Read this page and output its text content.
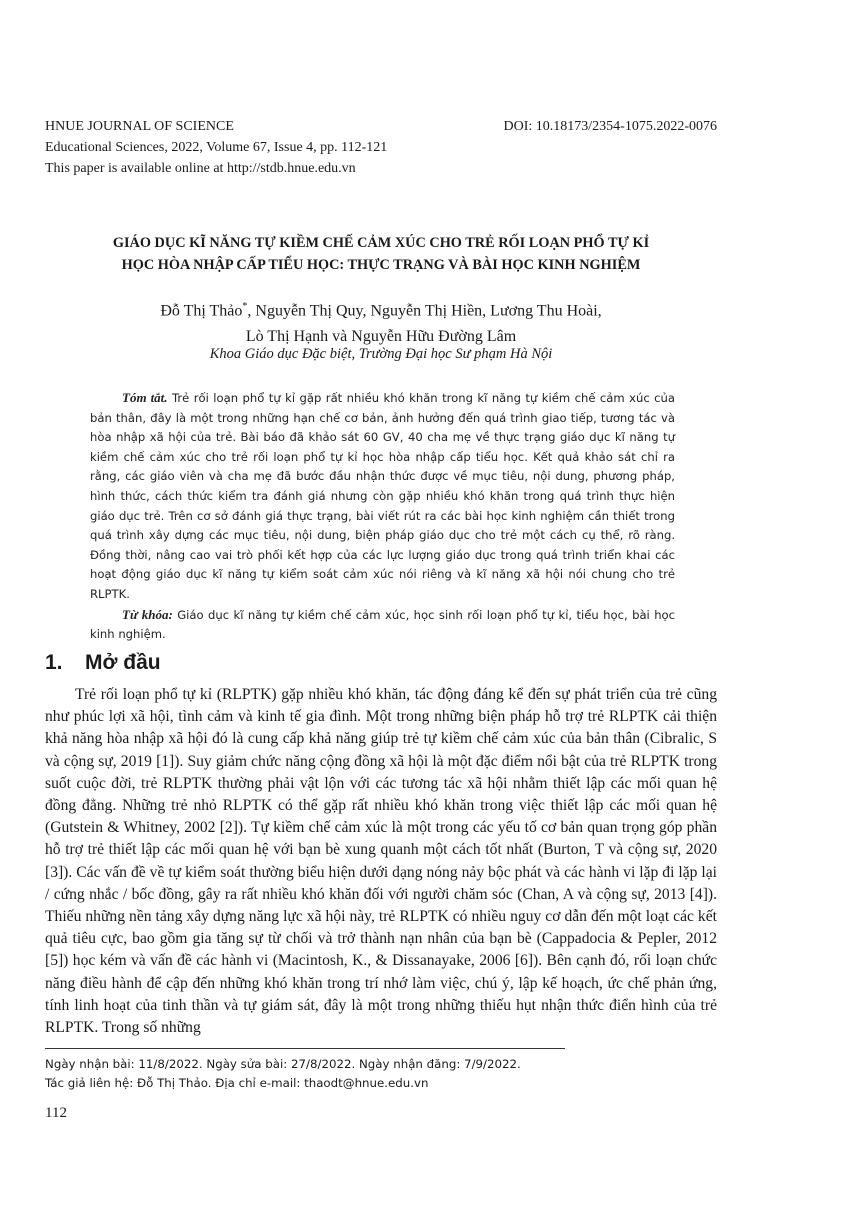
HNUE JOURNAL OF SCIENCE	DOI: 10.18173/2354-1075.2022-0076
Educational Sciences, 2022, Volume 67, Issue 4, pp. 112-121
This paper is available online at http://stdb.hnue.edu.vn
GIÁO DỤC KĨ NĂNG TỰ KIỀM CHẾ CẢM XÚC CHO TRẺ RỐI LOẠN PHỔ TỰ KỈ
HỌC HÒA NHẬP CẤP TIỂU HỌC: THỰC TRẠNG VÀ BÀI HỌC KINH NGHIỆM
Đỗ Thị Thảo*, Nguyễn Thị Quy, Nguyễn Thị Hiền, Lương Thu Hoài,
Lò Thị Hạnh và Nguyễn Hữu Đường Lâm
Khoa Giáo dục Đặc biệt, Trường Đại học Sư phạm Hà Nội

Tóm tắt. Trẻ rối loạn phổ tự kỉ gặp rất nhiều khó khăn trong kĩ năng tự kiềm chế cảm xúc của bản thân, đây là một trong những hạn chế cơ bản, ảnh hưởng đến quá trình giao tiếp, tương tác và hòa nhập xã hội của trẻ. Bài báo đã khảo sát 60 GV, 40 cha mẹ về thực trạng giáo dục kĩ năng tự kiềm chế cảm xúc cho trẻ rối loạn phổ tự kỉ học hòa nhập cấp tiểu học. Kết quả khảo sát chỉ ra rằng, các giáo viên và cha mẹ đã bước đầu nhận thức được về mục tiêu, nội dung, phương pháp, hình thức, cách thức kiểm tra đánh giá nhưng còn gặp nhiều khó khăn trong quá trình thực hiện giáo dục trẻ. Trên cơ sở đánh giá thực trạng, bài viết rút ra các bài học kinh nghiệm cần thiết trong quá trình xây dựng các mục tiêu, nội dung, biện pháp giáo dục cho trẻ một cách cụ thể, rõ ràng. Đồng thời, nâng cao vai trò phối kết hợp của các lực lượng giáo dục trong quá trình triển khai các hoạt động giáo dục kĩ năng tự kiểm soát cảm xúc nói riêng và kĩ năng xã hội nói chung cho trẻ RLPTK.

Từ khóa: Giáo dục kĩ năng tự kiềm chế cảm xúc, học sinh rối loạn phổ tự kỉ, tiểu học, bài học kinh nghiệm.

1. Mở đầu

Trẻ rối loạn phổ tự kỉ (RLPTK) gặp nhiều khó khăn, tác động đáng kể đến sự phát triển của trẻ cũng như phúc lợi xã hội, tình cảm và kinh tế gia đình. Một trong những biện pháp hỗ trợ trẻ RLPTK cải thiện khả năng hòa nhập xã hội đó là cung cấp khả năng giúp trẻ tự kiềm chế cảm xúc của bản thân (Cibralic, S và cộng sự, 2019 [1]). Suy giảm chức năng cộng đồng xã hội là một đặc điểm nổi bật của trẻ RLPTK trong suốt cuộc đời, trẻ RLPTK thường phải vật lộn với các tương tác xã hội nhằm thiết lập các mối quan hệ đồng đẳng. Những trẻ nhỏ RLPTK có thể gặp rất nhiều khó khăn trong việc thiết lập các mối quan hệ (Gutstein & Whitney, 2002 [2]). Tự kiềm chế cảm xúc là một trong các yếu tố cơ bản quan trọng góp phần hỗ trợ trẻ thiết lập các mối quan hệ với bạn bè xung quanh một cách tốt nhất (Burton, T và cộng sự, 2020 [3]). Các vấn đề về tự kiểm soát thường biểu hiện dưới dạng nóng nảy bộc phát và các hành vi lặp đi lặp lại / cứng nhắc / bốc đồng, gây ra rất nhiều khó khăn đối với người chăm sóc (Chan, A và cộng sự, 2013 [4]). Thiếu những nền tảng xây dựng năng lực xã hội này, trẻ RLPTK có nhiều nguy cơ dẫn đến một loạt các kết quả tiêu cực, bao gồm gia tăng sự từ chối và trở thành nạn nhân của bạn bè (Cappadocia & Pepler, 2012 [5]) học kém và vấn đề các hành vi (Macintosh, K., & Dissanayake, 2006 [6]). Bên cạnh đó, rối loạn chức năng điều hành để cập đến những khó khăn trong trí nhớ làm việc, chú ý, lập kế hoạch, ức chế phản ứng, tính linh hoạt của tinh thần và tự giám sát, đây là một trong những thiếu hụt nhận thức điển hình của trẻ RLPTK. Trong số những

Ngày nhận bài: 11/8/2022. Ngày sửa bài: 27/8/2022. Ngày nhận đăng: 7/9/2022.
Tác giả liên hệ: Đỗ Thị Thảo. Địa chỉ e-mail: thaodt@hnue.edu.vn
112
